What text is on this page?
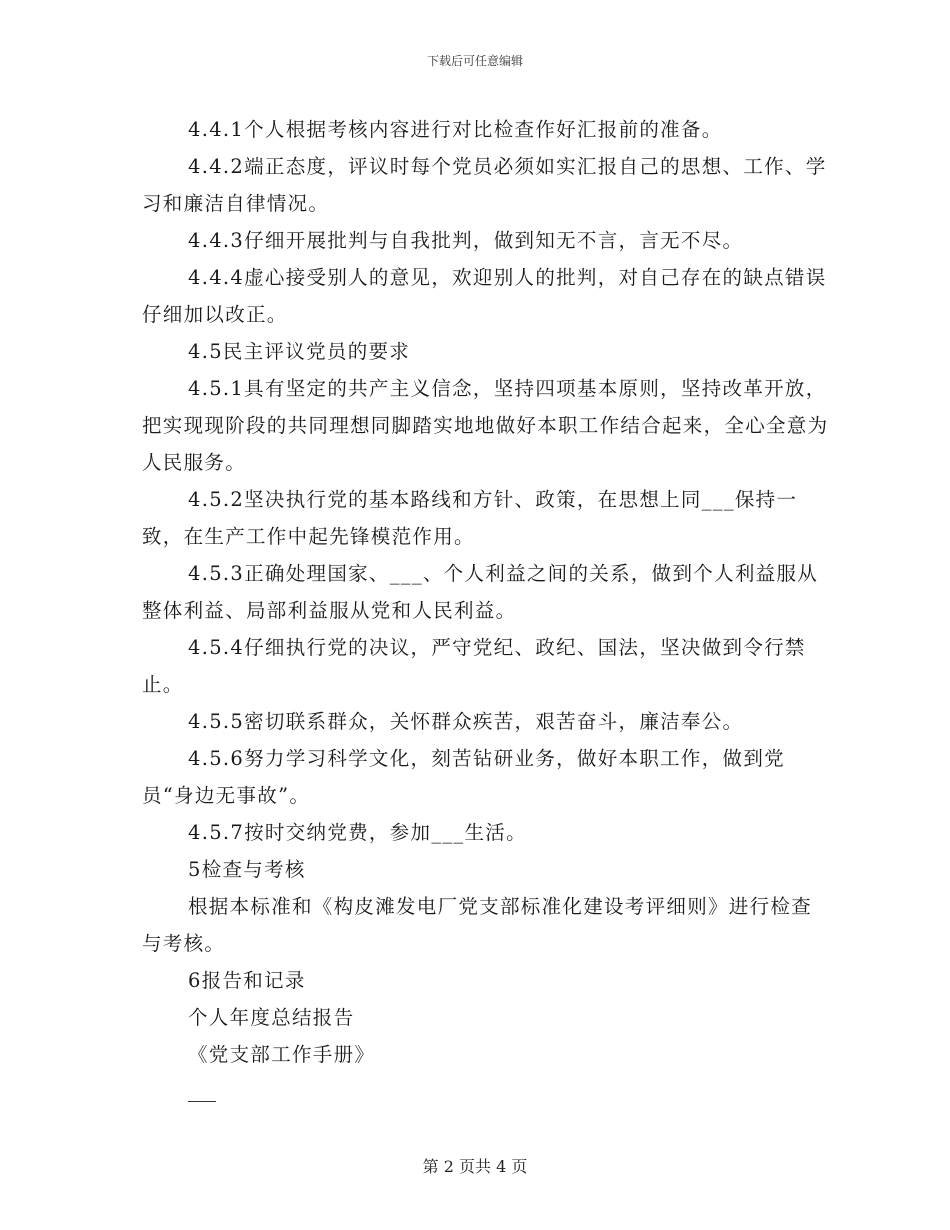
下载后可任意编辑

4.4.1个人根据考核内容进行对比检查作好汇报前的准备。

4.4.2端正态度，评议时每个党员必须如实汇报自己的思想、工作、学习和廉洁自律情况。

4.4.3仔细开展批判与自我批判，做到知无不言，言无不尽。

4.4.4虚心接受别人的意见，欢迎别人的批判，对自己存在的缺点错误仔细加以改正。

4.5民主评议党员的要求

4.5.1具有坚定的共产主义信念，坚持四项基本原则，坚持改革开放，把实现现阶段的共同理想同脚踏实地地做好本职工作结合起来，全心全意为人民服务。

4.5.2坚决执行党的基本路线和方针、政策，在思想上同___保持一致，在生产工作中起先锋模范作用。

4.5.3正确处理国家、___、个人利益之间的关系，做到个人利益服从整体利益、局部利益服从党和人民利益。

4.5.4仔细执行党的决议，严守党纪、政纪、国法，坚决做到令行禁止。

4.5.5密切联系群众，关怀群众疾苦，艰苦奋斗，廉洁奉公。

4.5.6努力学习科学文化，刻苦钻研业务，做好本职工作，做到党员“身边无事故”。

4.5.7按时交纳党费，参加___生活。

5检查与考核

根据本标准和《构皮滩发电厂党支部标准化建设考评细则》进行检查与考核。

6报告和记录

个人年度总结报告

《党支部工作手册》

第 2 页共 4 页
